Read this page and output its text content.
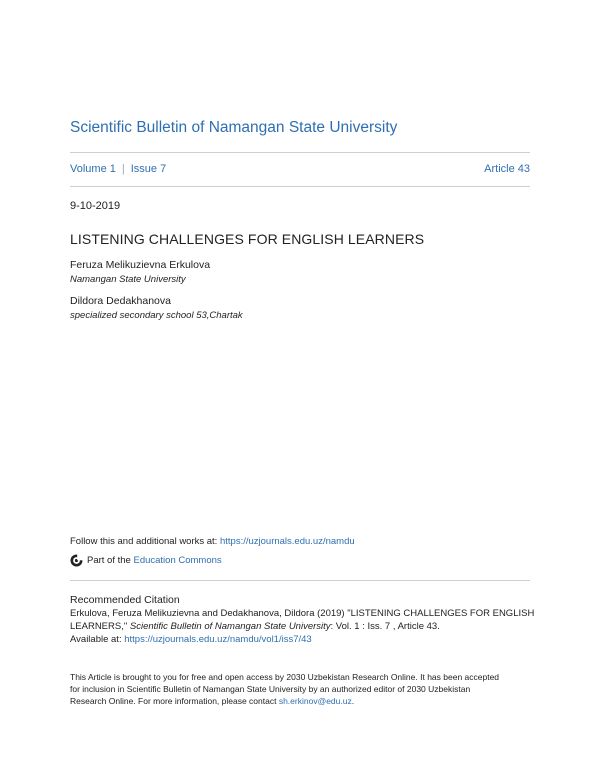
Scientific Bulletin of Namangan State University
Volume 1 | Issue 7	Article 43
9-10-2019
LISTENING CHALLENGES FOR ENGLISH LEARNERS
Feruza Melikuzievna Erkulova
Namangan State University
Dildora Dedakhanova
specialized secondary school 53,Chartak
Follow this and additional works at: https://uzjournals.edu.uz/namdu
Part of the
Education Commons
Recommended Citation
Erkulova, Feruza Melikuzievna and Dedakhanova, Dildora (2019) "LISTENING CHALLENGES FOR ENGLISH
LEARNERS," Scientific Bulletin of Namangan State University: Vol. 1 : Iss. 7 , Article 43.
Available at: https://uzjournals.edu.uz/namdu/vol1/iss7/43
This Article is brought to you for free and open access by 2030 Uzbekistan Research Online. It has been accepted
for inclusion in Scientific Bulletin of Namangan State University by an authorized editor of 2030 Uzbekistan
Research Online. For more information, please contact sh.erkinov@edu.uz.
